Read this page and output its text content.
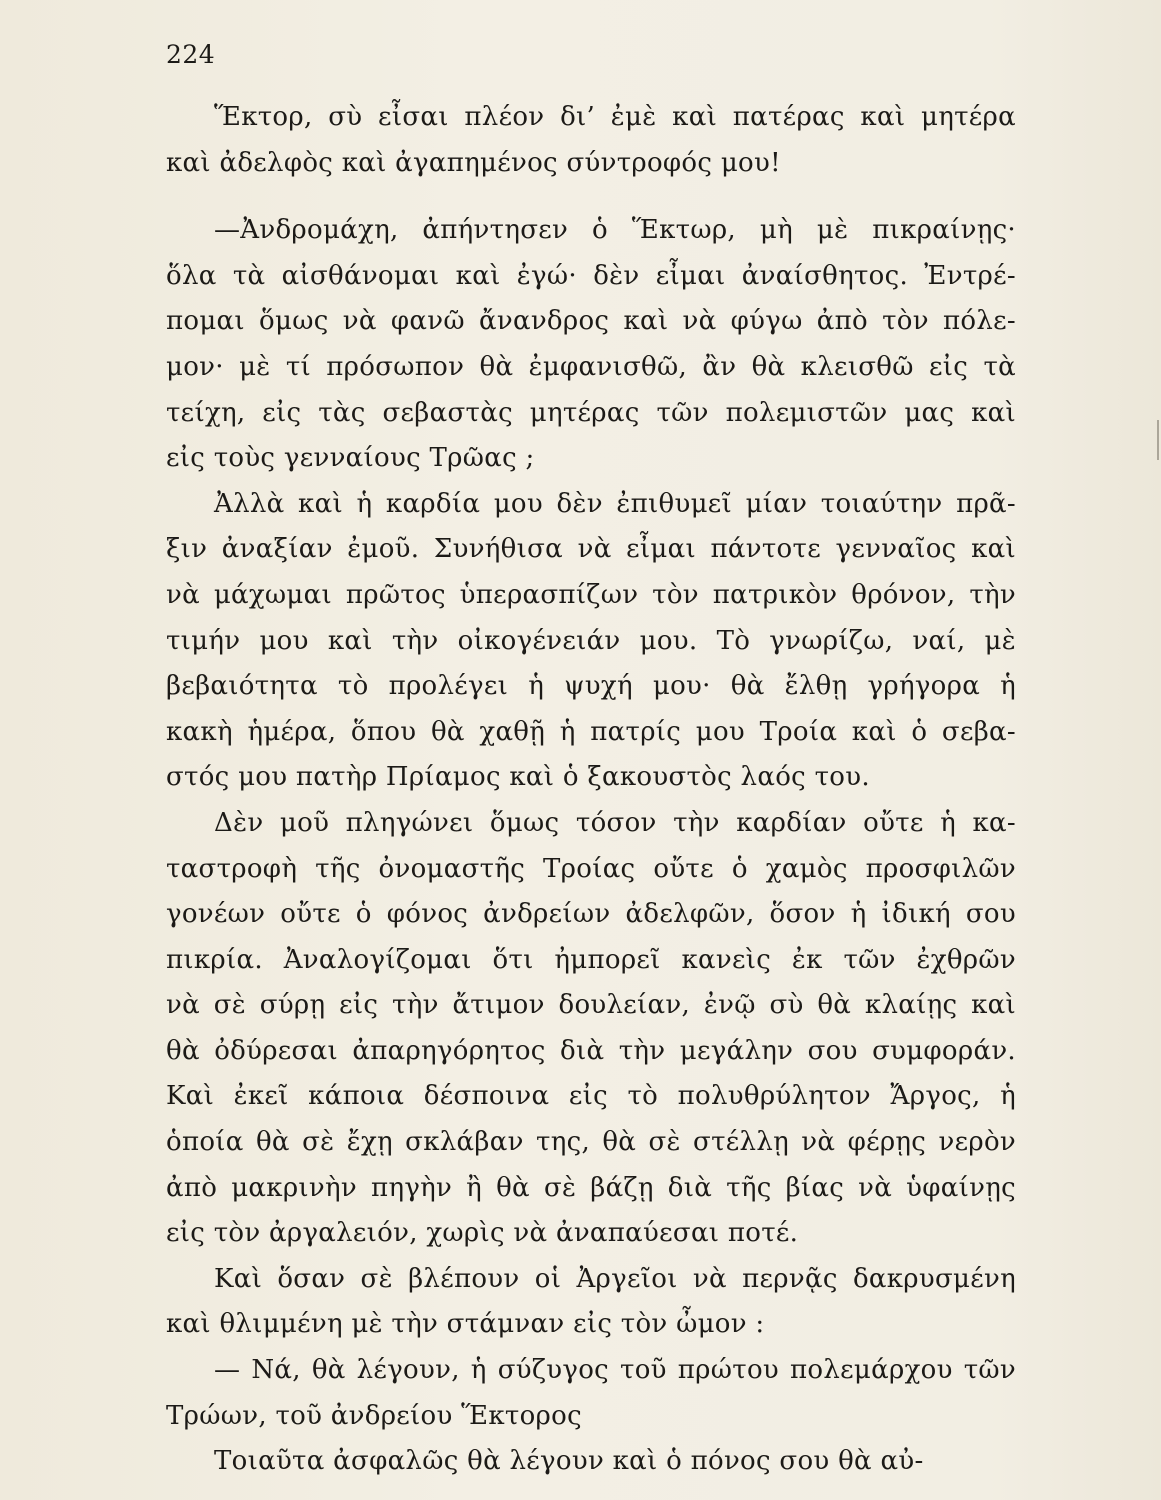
224
Ἕκτορ, σὺ εἶσαι πλέον δι’ ἐμὲ καὶ πατέρας καὶ μητέρα
καὶ ἀδελφὸς καὶ ἀγαπημένος σύντροφός μου!
—Ἀνδρομάχη, ἀπήντησεν ὁ Ἕκτωρ, μὴ μὲ πικραίνῃς·
ὅλα τὰ αἰσθάνομαι καὶ ἐγώ· δὲν εἶμαι ἀναίσθητος. Ἐντρέ-
πομαι ὅμως νὰ φανῶ ἄνανδρος καὶ νὰ φύγω ἀπὸ τὸν πόλε-
μον· μὲ τί πρόσωπον θὰ ἐμφανισθῶ, ἂν θὰ κλεισθῶ εἰς τὰ
τείχη, εἰς τὰς σεβαστὰς μητέρας τῶν πολεμιστῶν μας καὶ
εἰς τοὺς γενναίους Τρῶας ;
Ἀλλὰ καὶ ἡ καρδία μου δὲν ἐπιθυμεῖ μίαν τοιαύτην πρᾶ-
ξιν ἀναξίαν ἐμοῦ. Συνήθισα νὰ εἶμαι πάντοτε γενναῖος καὶ
νὰ μάχωμαι πρῶτος ὑπερασπίζων τὸν πατρικὸν θρόνον, τὴν
τιμήν μου καὶ τὴν οἰκογένειάν μου. Τὸ γνωρίζω, ναί, μὲ
βεβαιότητα τὸ προλέγει ἡ ψυχή μου· θὰ ἔλθῃ γρήγορα ἡ
κακὴ ἡμέρα, ὅπου θὰ χαθῇ ἡ πατρίς μου Τροία καὶ ὁ σεβα-
στός μου πατὴρ Πρίαμος καὶ ὁ ξακουστὸς λαός του.
Δὲν μοῦ πληγώνει ὅμως τόσον τὴν καρδίαν οὔτε ἡ κα-
ταστροφὴ τῆς ὀνομαστῆς Τροίας οὔτε ὁ χαμὸς προσφιλῶν
γονέων οὔτε ὁ φόνος ἀνδρείων ἀδελφῶν, ὅσον ἡ ἰδική σου
πικρία. Ἀναλογίζομαι ὅτι ἠμπορεῖ κανεὶς ἐκ τῶν ἐχθρῶν
νὰ σὲ σύρῃ εἰς τὴν ἄτιμον δουλείαν, ἐνῷ σὺ θὰ κλαίῃς καὶ
θὰ ὀδύρεσαι ἀπαρηγόρητος διὰ τὴν μεγάλην σου συμφοράν.
Καὶ ἐκεῖ κάποια δέσποινα εἰς τὸ πολυθρύλητον Ἄργος, ἡ
ὁποία θὰ σὲ ἔχῃ σκλάβαν της, θὰ σὲ στέλλῃ νὰ φέρῃς νερὸν
ἀπὸ μακρινὴν πηγὴν ἢ θὰ σὲ βάζῃ διὰ τῆς βίας νὰ ὑφαίνῃς
εἰς τὸν ἀργαλειόν, χωρὶς νὰ ἀναπαύεσαι ποτέ.
Καὶ ὅσαν σὲ βλέπουν οἱ Ἀργεῖοι νὰ περνᾷς δακρυσμένη
καὶ θλιμμένη μὲ τὴν στάμναν εἰς τὸν ὦμον :
— Νά, θὰ λέγουν, ἡ σύζυγος τοῦ πρώτου πολεμάρχου τῶν
Τρώων, τοῦ ἀνδρείου Ἕκτορος
Τοιαῦτα ἀσφαλῶς θὰ λέγουν καὶ ὁ πόνος σου θὰ αὐ-
